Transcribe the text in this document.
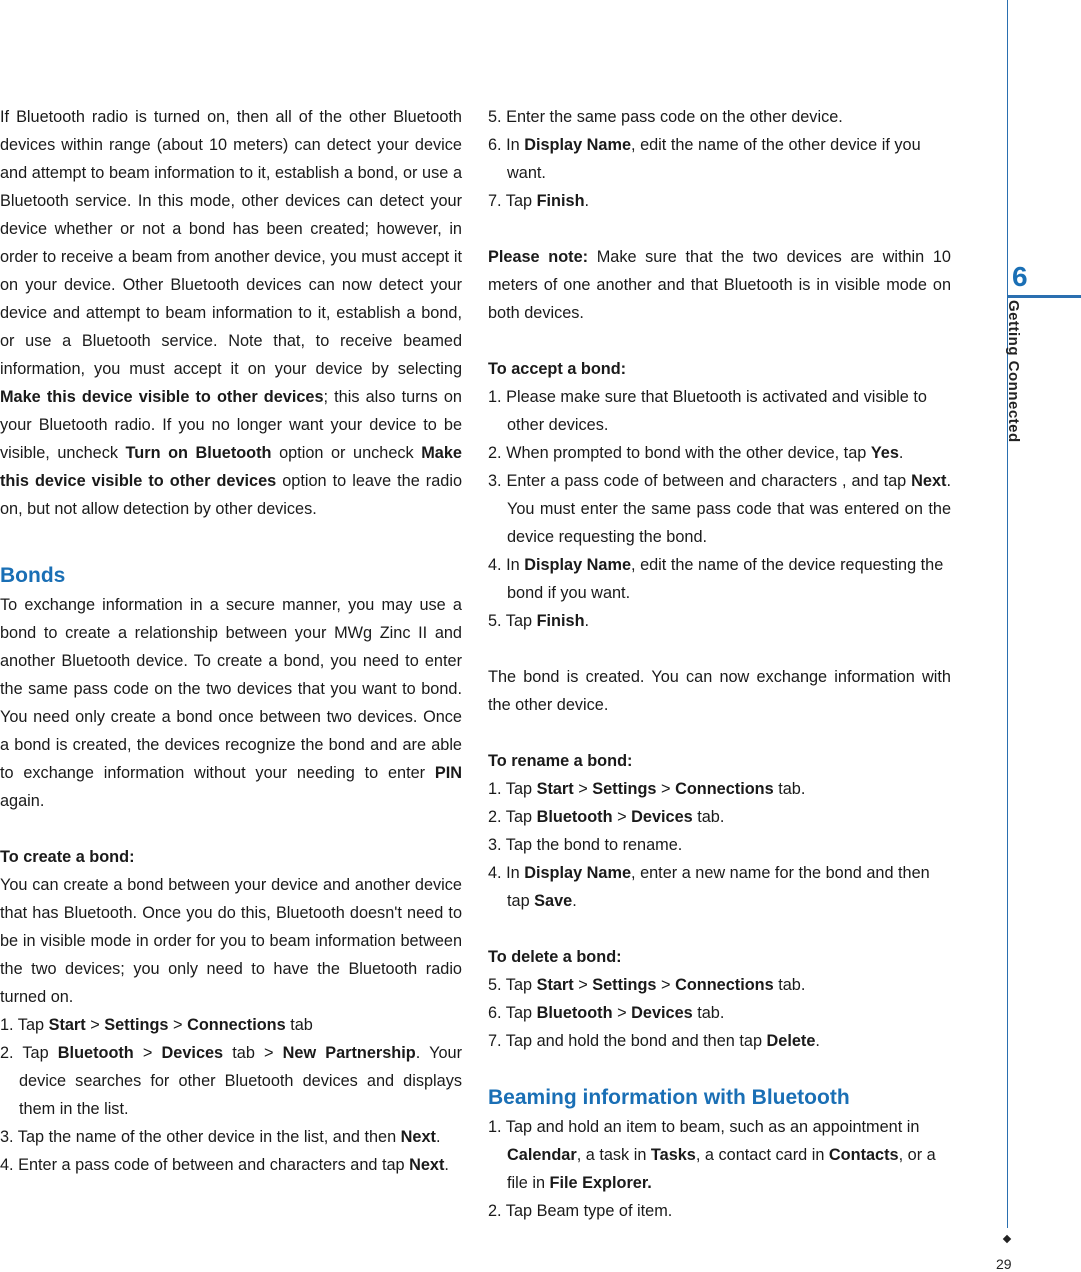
If Bluetooth radio is turned on, then all of the other Bluetooth devices within range (about 10 meters) can detect your device and attempt to beam information to it, establish a bond, or use a Bluetooth service. In this mode, other devices can detect your device whether or not a bond has been created; however, in order to receive a beam from another device, you must accept it on your device. Other Bluetooth devices can now detect your device and attempt to beam information to it, establish a bond, or use a Bluetooth service. Note that, to receive beamed information, you must accept it on your device by selecting Make this device visible to other devices; this also turns on your Bluetooth radio. If you no longer want your device to be visible, uncheck Turn on Bluetooth option or uncheck Make this device visible to other devices option to leave the radio on, but not allow detection by other devices.

Bonds

To exchange information in a secure manner, you may use a bond to create a relationship between your MWg Zinc II and another Bluetooth device. To create a bond, you need to enter the same pass code on the two devices that you want to bond. You need only create a bond once between two devices. Once a bond is created, the devices recognize the bond and are able to exchange information without your needing to enter PIN again.

To create a bond:

You can create a bond between your device and another device that has Bluetooth. Once you do this, Bluetooth doesn't need to be in visible mode in order for you to beam information between the two devices; you only need to have the Bluetooth radio turned on.

1. Tap Start > Settings > Connections tab

2. Tap Bluetooth > Devices tab > New Partnership. Your device searches for other Bluetooth devices and displays them in the list.

3. Tap the name of the other device in the list, and then Next.

4. Enter a pass code of between and characters and tap Next.

5. Enter the same pass code on the other device.

6. In Display Name, edit the name of the other device if you want.

7. Tap Finish.

Please note: Make sure that the two devices are within 10 meters of one another and that Bluetooth is in visible mode on both devices.

To accept a bond:

1. Please make sure that Bluetooth is activated and visible to other devices.

2. When prompted to bond with the other device, tap Yes.

3. Enter a pass code of between and characters , and tap Next. You must enter the same pass code that was entered on the device requesting the bond.

4. In Display Name, edit the name of the device requesting the bond if you want.

5. Tap Finish.

The bond is created. You can now exchange information with the other device.

To rename a bond:

1. Tap Start > Settings > Connections tab.

2. Tap Bluetooth > Devices tab.

3. Tap the bond to rename.

4. In Display Name, enter a new name for the bond and then tap Save.

To delete a bond:

5. Tap Start > Settings > Connections tab.

6. Tap Bluetooth > Devices tab.

7. Tap and hold the bond and then tap Delete.

Beaming information with Bluetooth

1. Tap and hold an item to beam, such as an appointment in Calendar, a task in Tasks, a contact card in Contacts, or a file in File Explorer.

2. Tap Beam type of item.

6
Getting Connected
29
